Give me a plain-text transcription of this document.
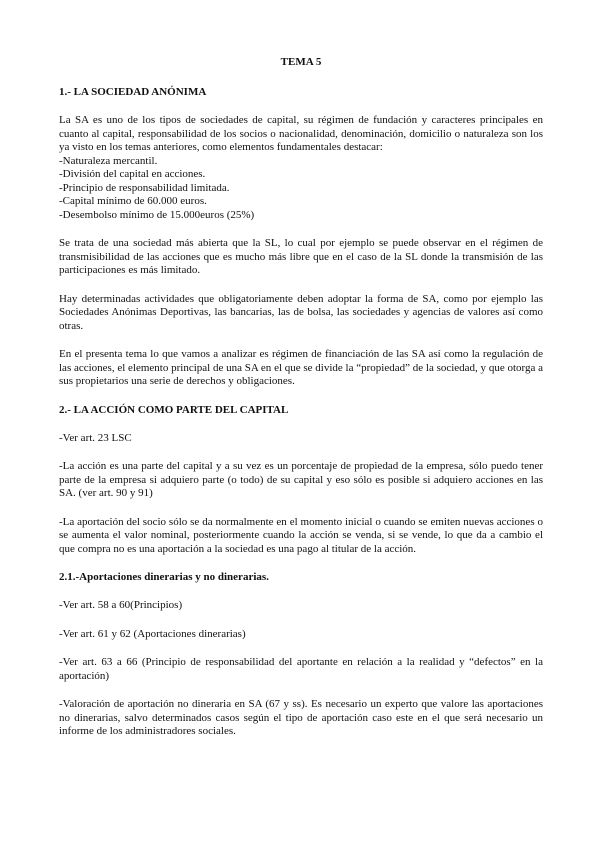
TEMA 5
1.- LA SOCIEDAD ANÓNIMA

La SA es uno de los tipos de sociedades de capital, su régimen de fundación y caracteres principales en cuanto al capital, responsabilidad de los socios o nacionalidad, denominación, domicilio o naturaleza son los ya visto en los temas anteriores, como elementos fundamentales destacar:

-Naturaleza mercantil.
-División del capital en acciones.
-Principio de responsabilidad limitada.
-Capital mínimo de 60.000 euros.
-Desembolso mínimo de 15.000euros (25%)

Se trata de una sociedad más abierta que la SL, lo cual por ejemplo se puede observar en el régimen de transmisibilidad de las acciones que es mucho más libre que en el caso de la SL donde la transmisión de las participaciones es más limitado.

Hay determinadas actividades que obligatoriamente deben adoptar la forma de SA, como por ejemplo las Sociedades Anónimas Deportivas, las bancarias, las de bolsa, las sociedades y agencias de valores así como otras.

En el presenta tema lo que vamos a analizar es régimen de financiación de las SA así como la regulación de las acciones, el elemento principal de una SA en el que se divide la “propiedad” de la sociedad, y que otorga a sus propietarios una serie de derechos y obligaciones.

2.- LA ACCIÓN COMO PARTE DEL CAPITAL

-Ver art. 23 LSC

-La acción es una parte del capital y a su vez es un porcentaje de propiedad de la empresa, sólo puedo tener parte de la empresa si adquiero parte (o todo) de su capital y eso sólo es posible si adquiero acciones en las SA. (ver art. 90 y 91)

-La aportación del socio sólo se da normalmente en el momento inicial o cuando se emiten nuevas acciones o se aumenta el valor nominal, posteriormente cuando la acción se venda, si se vende, lo que da a cambio el que compra no es una aportación a la sociedad es una pago al titular de la acción.

2.1.-Aportaciones dinerarias y no dinerarias.

-Ver art. 58 a 60(Principios)

-Ver art. 61 y 62 (Aportaciones dinerarias)

-Ver art. 63 a 66 (Principio de responsabilidad del aportante en relación a la realidad y “defectos” en la aportación)

-Valoración de aportación no dineraria en SA (67 y ss). Es necesario un experto que valore las aportaciones no dinerarias, salvo determinados casos según el tipo de aportación caso este en el que será necesario un informe de los administradores sociales.
